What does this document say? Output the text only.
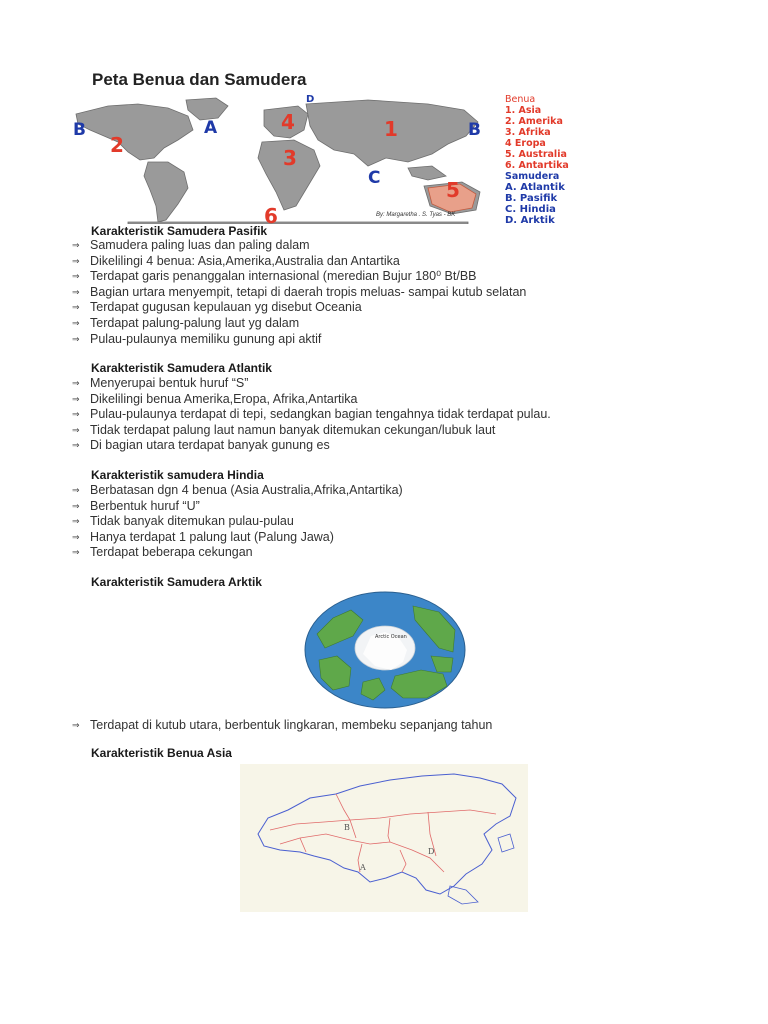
Peta Benua dan Samudera
D
4
A
B
2
1	B
3
C	5
6	By: Margaretha . S. Tyas - BK
Benua
1. Asia
2. Amerika
3. Afrika
4 Eropa
5. Australia
6. Antartika
Samudera
A. Atlantik
B. Pasifik
C. Hindia
D. Arktik
Karakteristik Samudera Pasifik
⇒ Samudera paling luas dan paling dalam
⇒ Dikelilingi 4 benua: Asia,Amerika,Australia dan Antartika
⇒ Terdapat garis penanggalan internasional (meredian Bujur 180⁰ Bt/BB
⇒ Bagian urtara menyempit, tetapi di daerah tropis meluas- sampai kutub selatan
⇒ Terdapat gugusan kepulauan yg disebut Oceania
⇒ Terdapat palung-palung laut yg dalam
⇒ Pulau-pulaunya memiliku gunung api aktif
Karakteristik Samudera Atlantik
⇒ Menyerupai bentuk huruf “S”
⇒ Dikelilingi benua Amerika,Eropa, Afrika,Antartika
⇒ Pulau-pulaunya terdapat di tepi, sedangkan bagian tengahnya tidak terdapat pulau.
⇒ Tidak terdapat palung laut namun banyak ditemukan cekungan/lubuk laut
⇒ Di bagian utara terdapat banyak gunung es
Karakteristik samudera Hindia
⇒ Berbatasan dgn 4 benua (Asia Australia,Afrika,Antartika)
⇒ Berbentuk huruf “U”
⇒ Tidak banyak ditemukan pulau-pulau
⇒ Hanya terdapat 1 palung laut (Palung Jawa)
⇒ Terdapat beberapa cekungan
Karakteristik Samudera Arktik
Arctic Ocean
⇒ Terdapat di kutub utara, berbentuk lingkaran, membeku sepanjang tahun
Karakteristik Benua Asia
B
D
A
